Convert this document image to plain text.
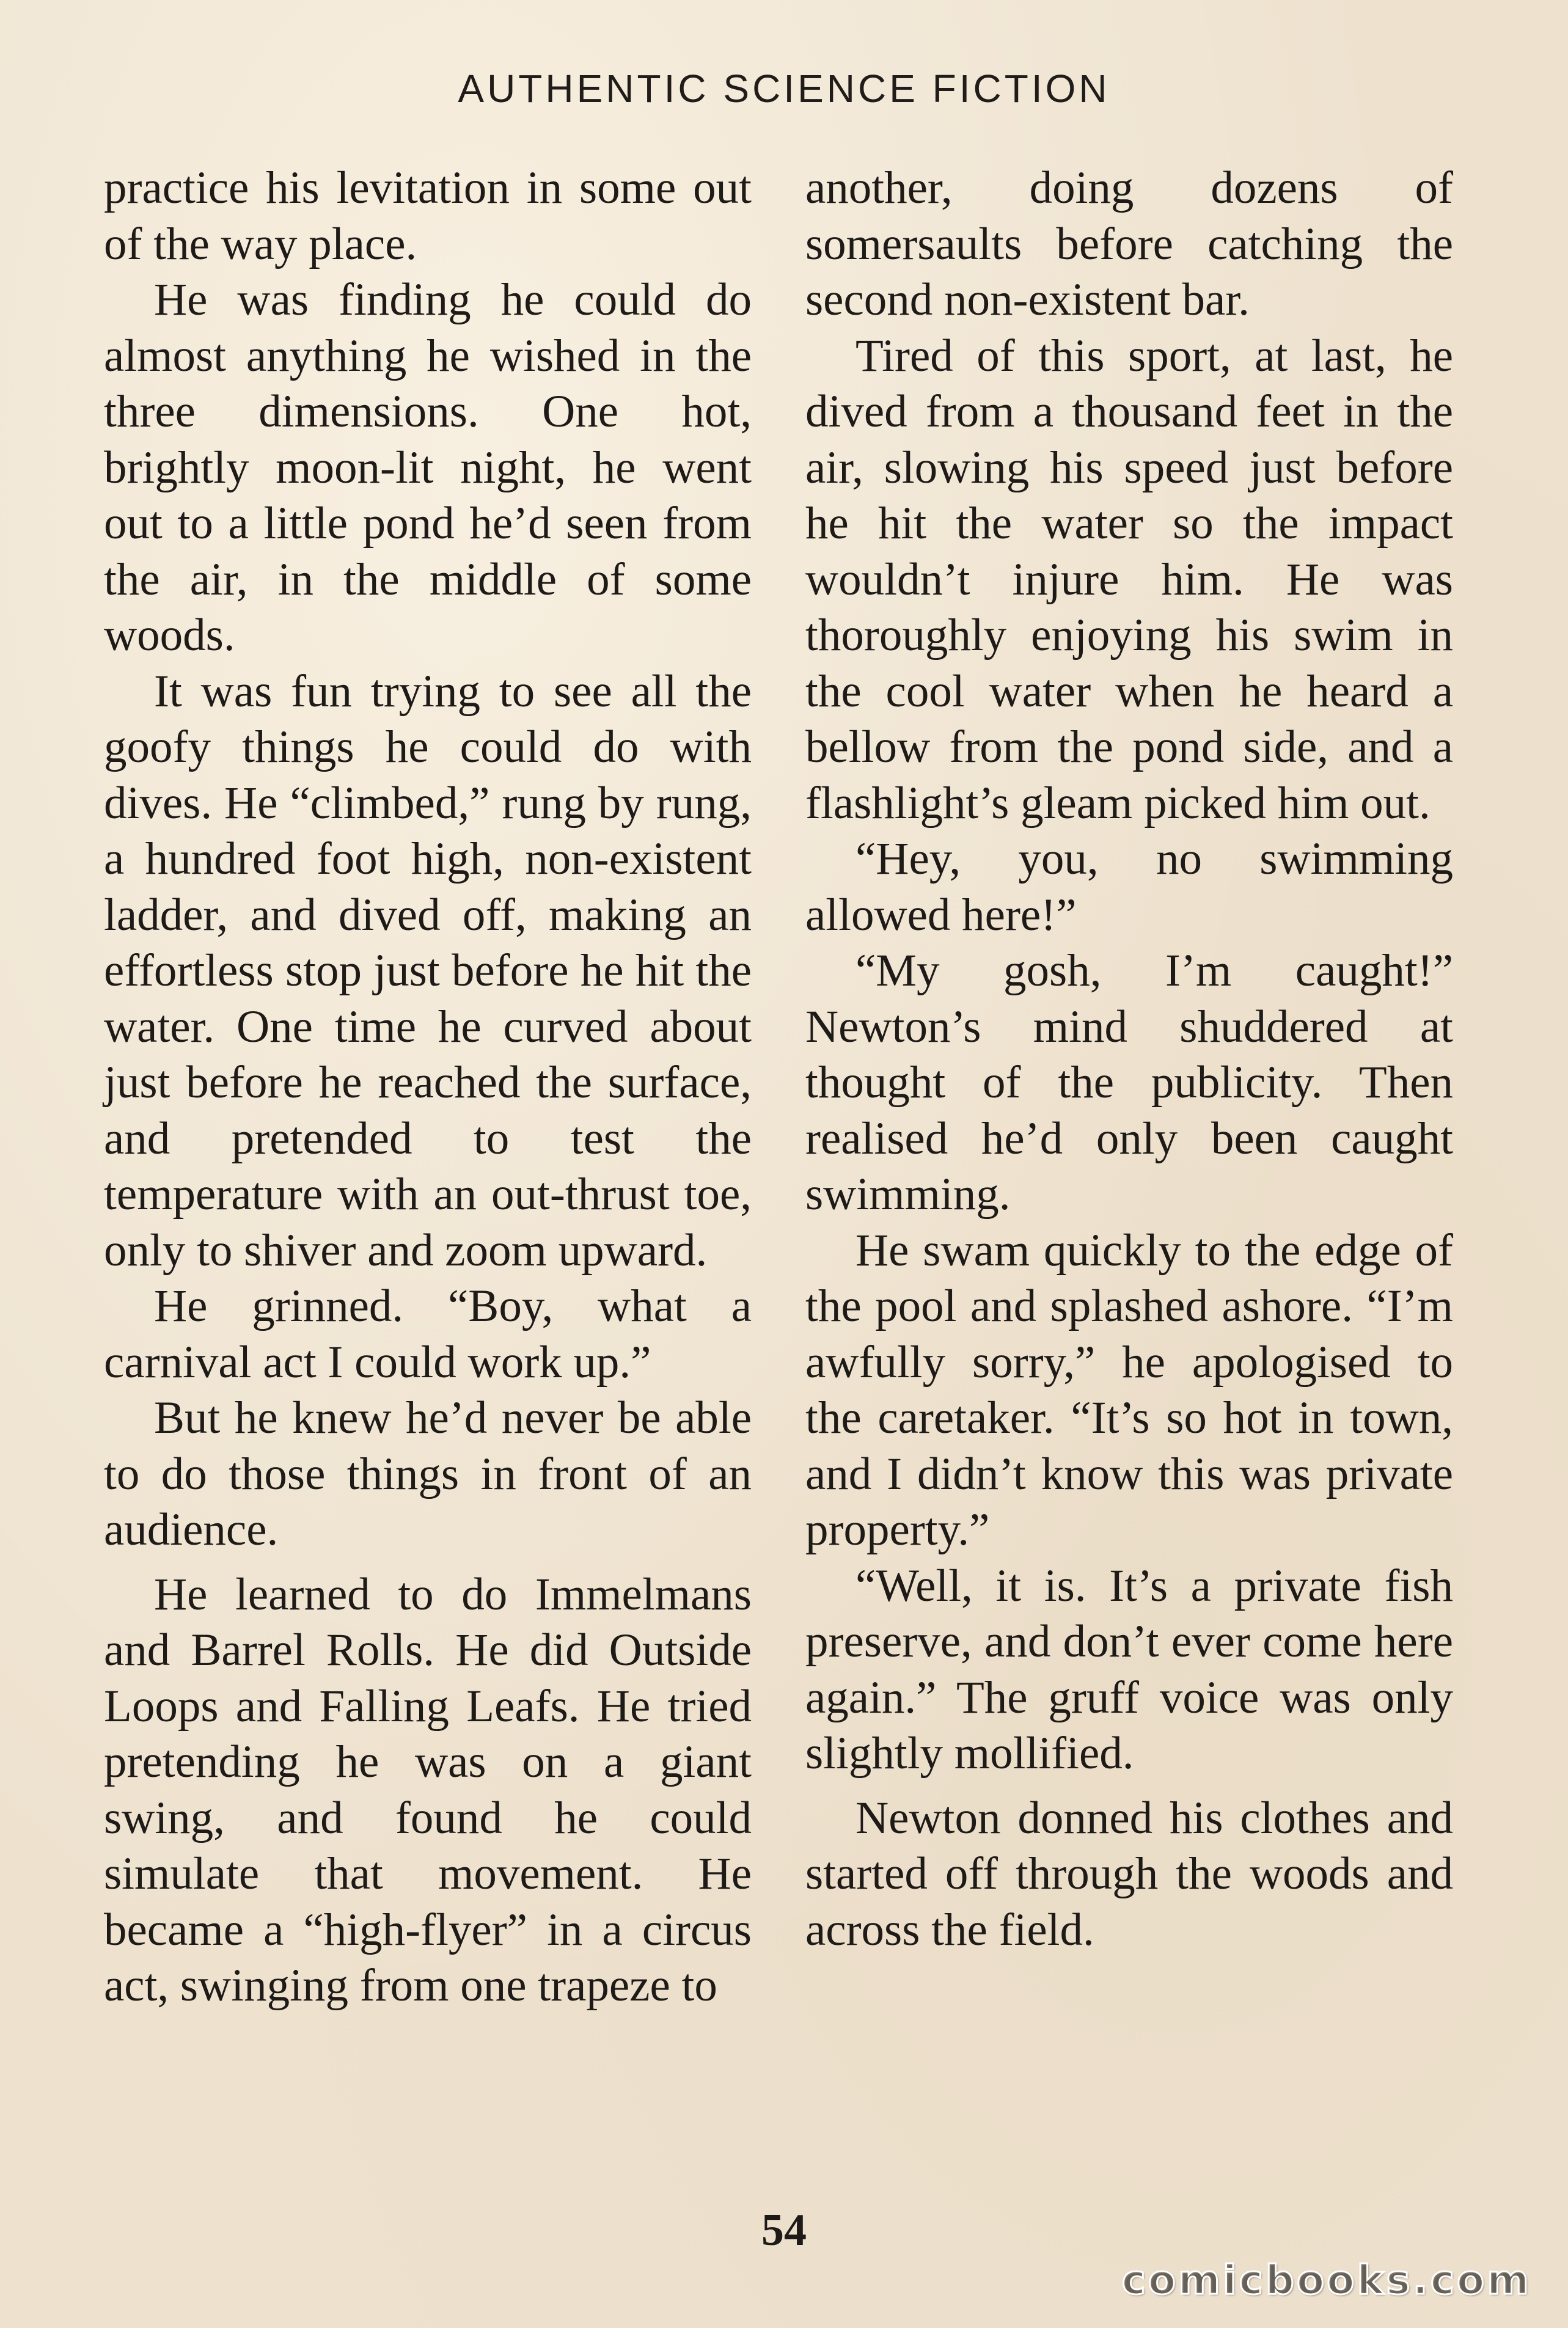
AUTHENTIC SCIENCE FICTION

practice his levitation in some out of the way place.

He was finding he could do almost anything he wished in the three dimensions. One hot, brightly moon-lit night, he went out to a little pond he’d seen from the air, in the middle of some woods.

It was fun trying to see all the goofy things he could do with dives. He “climbed,” rung by rung, a hundred foot high, non-existent ladder, and dived off, making an effortless stop just before he hit the water. One time he curved about just before he reached the surface, and pretended to test the temperature with an out-thrust toe, only to shiver and zoom upward.

He grinned. “Boy, what a carnival act I could work up.”

But he knew he’d never be able to do those things in front of an audience.

He learned to do Immelmans and Barrel Rolls. He did Outside Loops and Falling Leafs. He tried pretending he was on a giant swing, and found he could simulate that movement. He became a “high-flyer” in a circus act, swinging from one trapeze to

another, doing dozens of somersaults before catching the second non-existent bar.

Tired of this sport, at last, he dived from a thousand feet in the air, slowing his speed just before he hit the water so the impact wouldn’t injure him. He was thoroughly enjoying his swim in the cool water when he heard a bellow from the pond side, and a flashlight’s gleam picked him out.

“Hey, you, no swimming allowed here!”

“My gosh, I’m caught!” Newton’s mind shuddered at thought of the publicity. Then realised he’d only been caught swimming.

He swam quickly to the edge of the pool and splashed ashore. “I’m awfully sorry,” he apologised to the caretaker. “It’s so hot in town, and I didn’t know this was private property.”

“Well, it is. It’s a private fish preserve, and don’t ever come here again.” The gruff voice was only slightly mollified.

Newton donned his clothes and started off through the woods and across the field.

54
comicbooks.com
